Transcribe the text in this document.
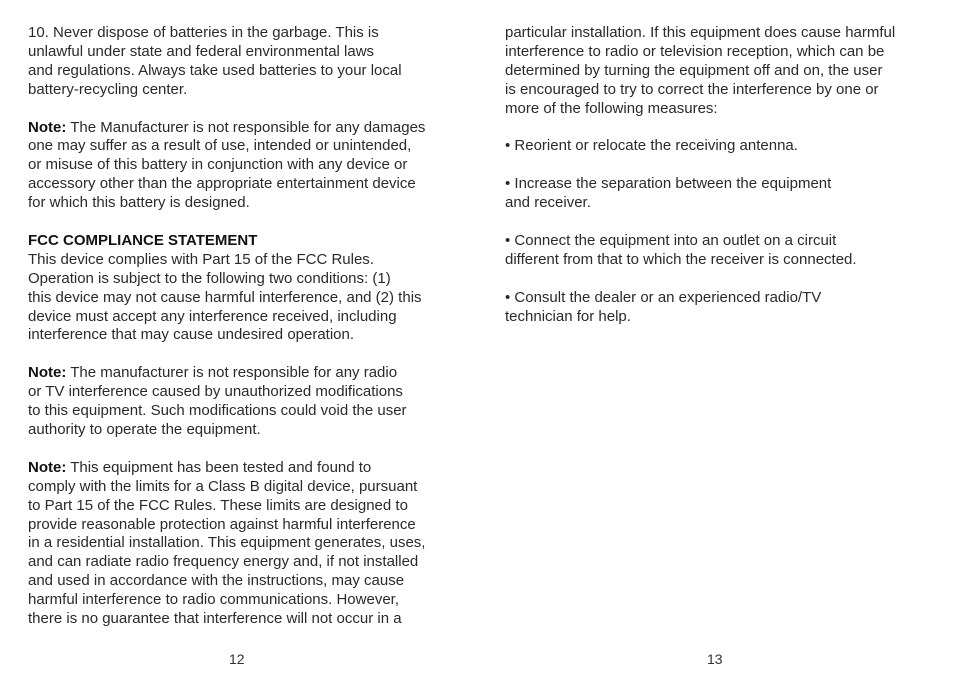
10. Never dispose of batteries in the garbage. This is
unlawful under state and federal environmental laws
and regulations. Always take used batteries to your local
battery-recycling center.

Note: The Manufacturer is not responsible for any damages
one may suffer as a result of use, intended or unintended,
or misuse of this battery in conjunction with any device or
accessory other than the appropriate entertainment device
for which this battery is designed.

FCC COMPLIANCE STATEMENT
This device complies with Part 15 of the FCC Rules.
Operation is subject to the following two conditions: (1)
this device may not cause harmful interference, and (2) this
device must accept any interference received, including
interference that may cause undesired operation.

Note: The manufacturer is not responsible for any radio
or TV interference caused by unauthorized modifications
to this equipment. Such modifications could void the user
authority to operate the equipment.

Note: This equipment has been tested and found to
comply with the limits for a Class B digital device, pursuant
to Part 15 of the FCC Rules. These limits are designed to
provide reasonable protection against harmful interference
in a residential installation. This equipment generates, uses,
and can radiate radio frequency energy and, if not installed
and used in accordance with the instructions, may cause
harmful interference to radio communications. However,
there is no guarantee that interference will not occur in a

particular installation. If this equipment does cause harmful
interference to radio or television reception, which can be
determined by turning the equipment off and on, the user
is encouraged to try to correct the interference by one or
more of the following measures:

• Reorient or relocate the receiving antenna.

• Increase the separation between the equipment
and receiver.

• Connect the equipment into an outlet on a circuit
different from that to which the receiver is connected.

• Consult the dealer or an experienced radio/TV
technician for help.

12	13
